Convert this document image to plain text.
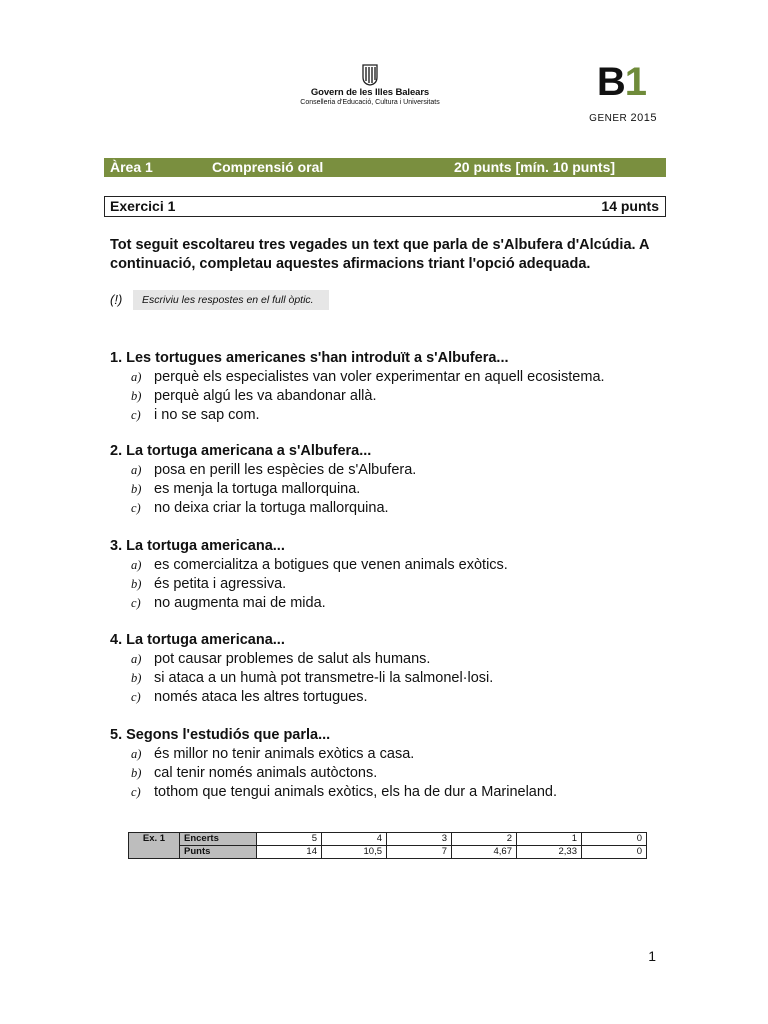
Govern de les Illes Balears
Conselleria d'Educació, Cultura i Universitats	B1
GENER 2015
Àrea 1	Comprensió oral	20 punts [mín. 10 punts]
Exercici 1	14 punts
Tot seguit escoltareu tres vegades un text que parla de s'Albufera d'Alcúdia. A continuació, completau aquestes afirmacions triant l'opció adequada.
(!)	Escriviu les respostes en el full òptic.
1. Les tortugues americanes s'han introduït a s'Albufera...
a) perquè els especialistes van voler experimentar en aquell ecosistema.
b) perquè algú les va abandonar allà.
c) i no se sap com.
2. La tortuga americana a s'Albufera...
a) posa en perill les espècies de s'Albufera.
b) es menja la tortuga mallorquina.
c) no deixa criar la tortuga mallorquina.
3. La tortuga americana...
a) es comercialitza a botigues que venen animals exòtics.
b) és petita i agressiva.
c) no augmenta mai de mida.
4. La tortuga americana...
a) pot causar problemes de salut als humans.
b) si ataca a un humà pot transmetre-li la salmonel·losi.
c) només ataca les altres tortugues.
5. Segons l'estudiós que parla...
a) és millor no tenir animals exòtics a casa.
b) cal tenir només animals autòctons.
c) tothom que tengui animals exòtics, els ha de dur a Marineland.
Ex. 1	Encerts	5	4	3	2	1	0
	Punts	14	10,5	7	4,67	2,33	0
1
